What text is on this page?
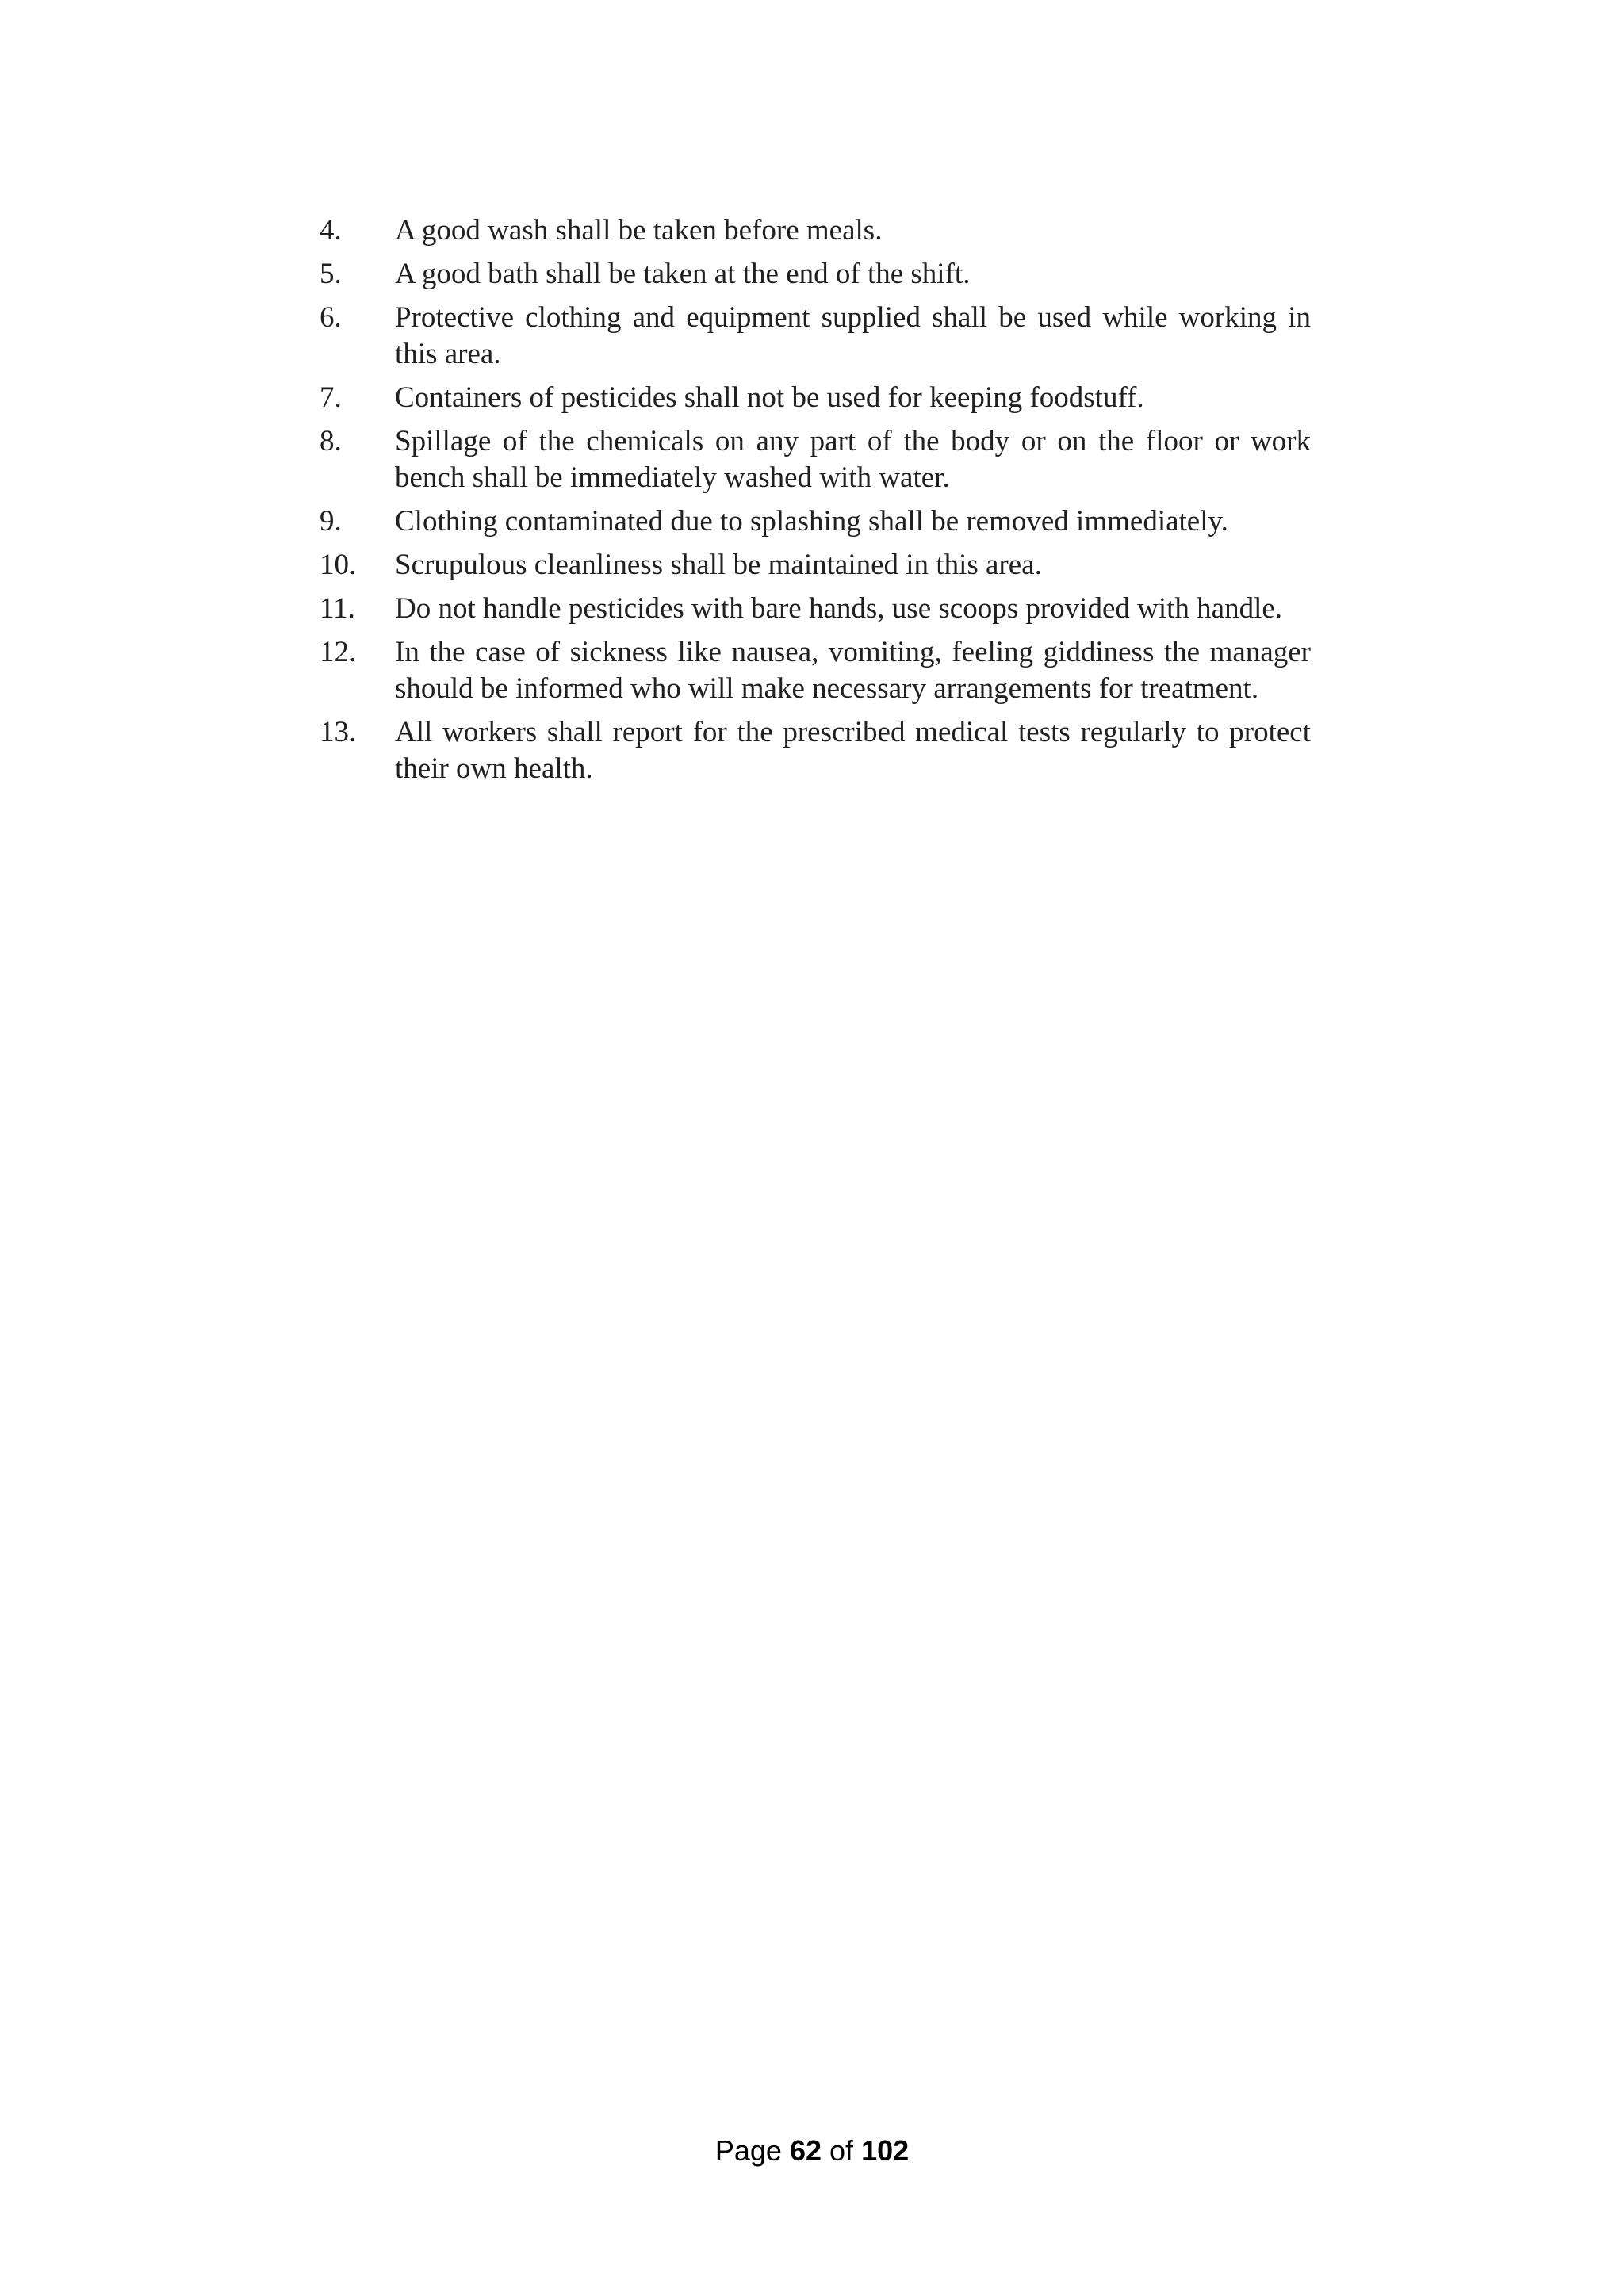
4.	A good wash shall be taken before meals.
5.	A good bath shall be taken at the end of the shift.
6.	Protective clothing and equipment supplied shall be used while working in this area.
7.	Containers of pesticides shall not be used for keeping foodstuff.
8.	Spillage of the chemicals on any part of the body or on the floor or work bench shall be immediately washed with water.
9.	Clothing contaminated due to splashing shall be removed immediately.
10.	Scrupulous cleanliness shall be maintained in this area.
11.	Do not handle pesticides with bare hands, use scoops provided with handle.
12.	In the case of sickness like nausea, vomiting, feeling giddiness the manager should be informed who will make necessary arrangements for treatment.
13.	All workers shall report for the prescribed medical tests regularly to protect their own health.
Page 62 of 102
